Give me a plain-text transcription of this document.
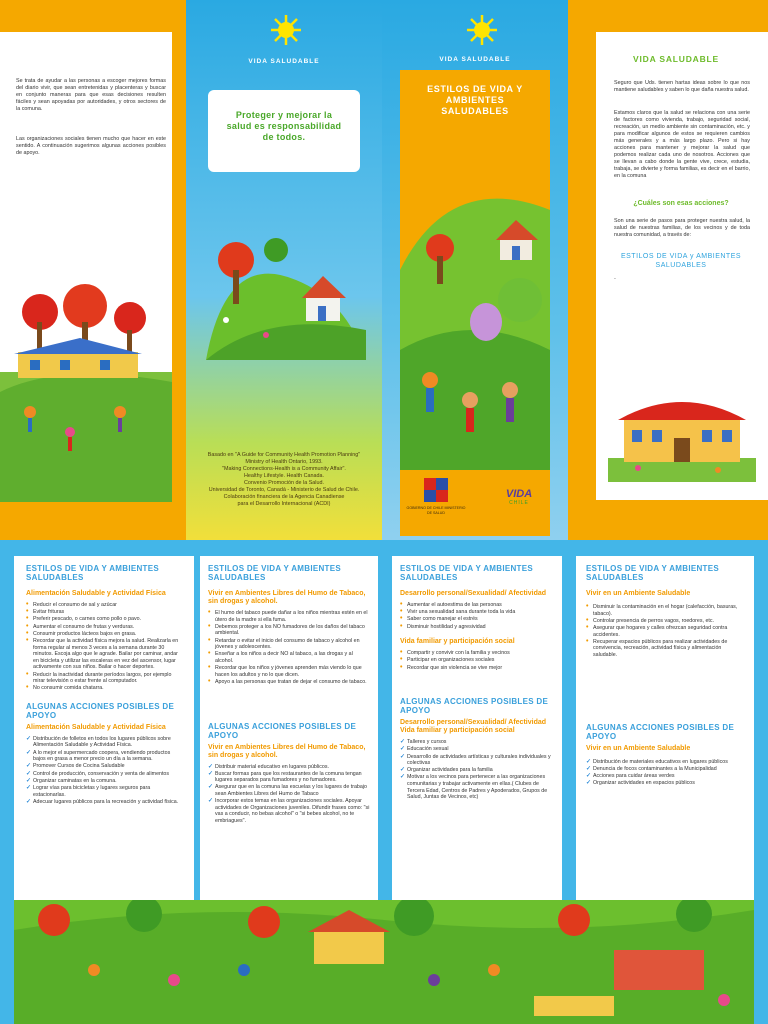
Se trata de ayudar a las personas a escoger mejores formas del diario vivir, que sean entretenidas y placenteras y buscar en conjunto maneras para que esas decisiones resulten fáciles y sean apoyadas por autoridades, y otros sectores de la comuna.

Las organizaciones sociales tienen mucho que hacer en este sentido. A continuación sugerimos algunas acciones posibles de apoyo.

VIDA SALUDABLE
Proteger y mejorar la salud es responsabilidad de todos.
Basado en "A Guide for Community Health Promotion Planning"
Ministry of Health Ontario, 1993.
"Making Connections-Health is a Community Affair".
Healthy Lifestyle. Health Canada.
Convenio Promoción de la Salud.
Universidad de Toronto, Canadá - Ministerio de Salud de Chile.
Colaboración financiera de la Agencia Canadiense
para el Desarrollo Internacional (ACDI)
VIDA SALUDABLE
ESTILOS DE VIDA Y AMBIENTES SALUDABLES
GOBIERNO DE CHILE MINISTERIO DE SALUD
VIDA
CHILE
VIDA SALUDABLE

Seguro que Uds. tienen hartas ideas sobre lo que nos mantiene saludables y saben lo que daña nuestra salud.

Estamos claros que la salud se relaciona con una serie de factores como vivienda, trabajo, seguridad social, recreación, un medio ambiente sin contaminación, etc. y para modificar algunos de estos se requieren cambios más generales y a más largo plazo. Pero si hay acciones para mantener y mejorar la salud que podemos realizar cada uno de nosotros. Acciones que se llevan a cabo donde la gente vive, crece, estudia, trabaja, se divierte y forma familias, es decir en el barrio, en la comuna

¿Cuáles son esas acciones?

Son una serie de pasos para proteger nuestra salud, la salud de nuestras familias, de los vecinos y de toda nuestra comunidad, a través de:

ESTILOS DE VIDA y AMBIENTES SALUDABLES
.
ESTILOS DE VIDA Y AMBIENTES SALUDABLES
Alimentación Saludable y Actividad Física
• Reducir el consumo de sal y azúcar
• Evitar frituras
• Preferir pescado, o carnes como pollo o pavo.
• Aumentar el consumo de frutas y verduras.
• Consumir productos lácteos bajos en grasa.
• Recordar que la actividad física mejora la salud. Realizarla en forma regular al menos 3 veces a la semana durante 30 minutos. Escoja algo que le agrade. Bailar por caminar, andar en bicicleta y utilizar las escaleras en vez del ascensor, lugar activamente con sus niños. Bailar o hacer deportes.
• Reducir la inactividad durante períodos largos, por ejemplo mirar televisión o estar frente al computador.
• No consumir comida chatarra.
ALGUNAS ACCIONES POSIBLES DE APOYO
Alimentación Saludable y Actividad Física
✓ Distribución de folletos en todos los lugares públicos sobre Alimentación Saludable y Actividad Física.
✓ A lo mejor el supermercado coopera, vendiendo productos bajos en grasa a menor precio un día a la semana.
✓ Promover Cursos de Cocina Saludable
✓ Control de producción, conservación y venta de alimentos
✓ Organizar caminatas en la comuna.
✓ Lograr vías para bicicletas y lugares seguros para estacionarlas.
✓ Adecuar lugares públicos para la recreación y actividad física.
ESTILOS DE VIDA Y AMBIENTES SALUDABLES
Vivir en Ambientes Libres del Humo de Tabaco, sin drogas y alcohol.
• El humo del tabaco puede dañar a los niños mientras estén en el útero de la madre si ella fuma.
• Debemos proteger a los NO fumadores de los daños del tabaco ambiental.
• Retardar o evitar el inicio del consumo de tabaco y alcohol en jóvenes y adolescentes.
• Enseñar a los niños a decir NO al tabaco, a las drogas y al alcohol.
• Recordar que los niños y jóvenes aprenden más viendo lo que hacen los adultos y no lo que dicen.
• Apoyo a las personas que tratan de dejar el consumo de tabaco.
ALGUNAS ACCIONES POSIBLES DE APOYO
Vivir en Ambientes Libres del Humo de Tabaco, sin drogas y alcohol.
✓ Distribuir material educativo en lugares públicos.
✓ Buscar formas para que los restaurantes de la comuna tengan lugares separados para fumadores y no fumadores.
✓ Asegurar que en la comuna las escuelas y los lugares de trabajo sean Ambientes Libres del Humo de Tabaco
✓ Incorporar estos temas en las organizaciones sociales. Apoyar actividades de Organizaciones juveniles. Difundir frases como: "si vas a conducir, no bebas alcohol" o "si bebes alcohol, no te embriagues".
ESTILOS DE VIDA Y AMBIENTES SALUDABLES
Desarrollo personal/Sexualidad/ Afectividad
• Aumentar el autoestima de las personas
• Vivir una sexualidad sana durante toda la vida
• Saber como manejar el estrés
• Disminuir hostilidad y agresividad
Vida familiar y participación social
• Compartir y convivir con la familia y vecinos
• Participar en organizaciones sociales
• Recordar que sin violencia se vive mejor
ALGUNAS ACCIONES POSIBLES DE APOYO
Desarrollo personal/Sexualidad/ Afectividad Vida familiar y participación social
✓ Talleres y cursos
✓ Educación sexual
✓ Desarrollo de actividades artísticas y culturales individuales y colectivas
✓ Organizar actividades para la familia
✓ Motivar a los vecinos para pertenecer a las organizaciones comunitarias y trabajar activamente en ellas.( Clubes de Tercera Edad, Centros de Padres y Apoderados, Grupos de Salud, Juntas de Vecinos, etc)
ESTILOS DE VIDA Y AMBIENTES SALUDABLES
Vivir en un Ambiente Saludable
• Disminuir la contaminación en el hogar (calefacción, basuras, tabaco).
• Controlar presencia de perros vagos, roedores, etc.
• Asegurar que hogares y calles ofrezcan seguridad contra accidentes.
• Recuperar espacios públicos para realizar actividades de convivencia, recreación, actividad física y alimentación saludable.
ALGUNAS ACCIONES POSIBLES DE APOYO
Vivir en un Ambiente Saludable
✓ Distribución de materiales educativos en lugares públicos
✓ Denuncia de focos contaminantes a la Municipalidad
✓ Acciones para cuidar áreas verdes
✓ Organizar actividades en espacios públicos
